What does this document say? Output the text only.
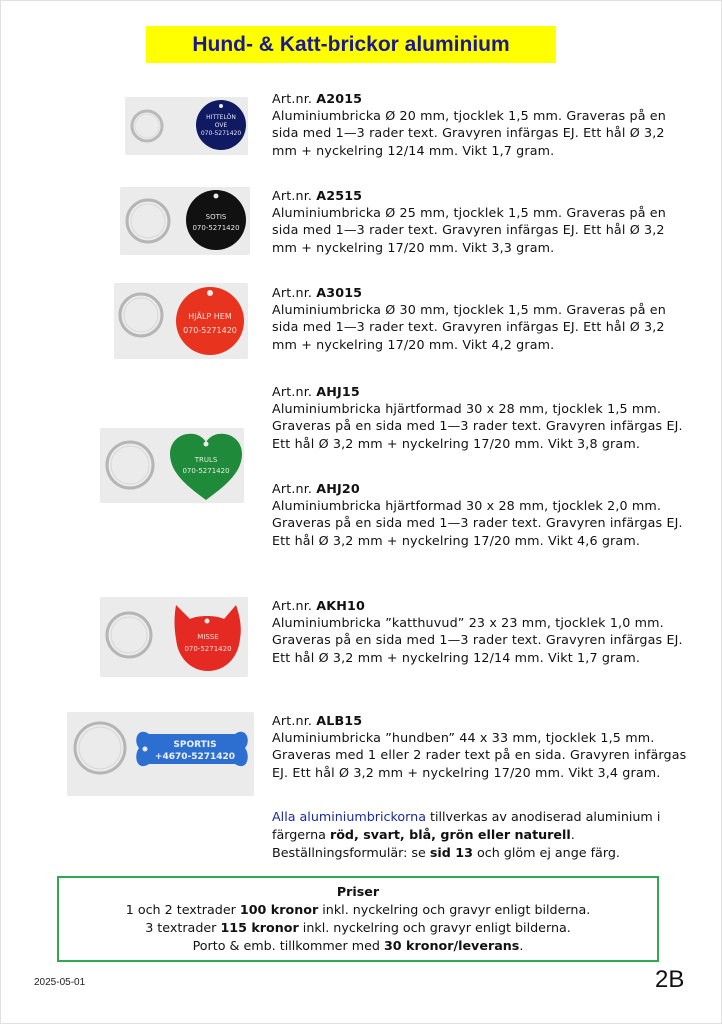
Hund- & Katt-brickor aluminium
HITTELÖN
OVE
070-5271420
Art.nr. A2015
Aluminiumbricka Ø 20 mm, tjocklek 1,5 mm. Graveras på en sida med 1—3 rader text. Gravyren infärgas EJ. Ett hål Ø 3,2 mm + nyckelring 12/14 mm. Vikt 1,7 gram.
SOTIS
070-5271420
Art.nr. A2515
Aluminiumbricka Ø 25 mm, tjocklek 1,5 mm. Graveras på en sida med 1—3 rader text. Gravyren infärgas EJ. Ett hål Ø 3,2 mm + nyckelring 17/20 mm. Vikt 3,3 gram.
HJÄLP HEM
070-5271420
Art.nr. A3015
Aluminiumbricka Ø 30 mm, tjocklek 1,5 mm. Graveras på en sida med 1—3 rader text. Gravyren infärgas EJ. Ett hål Ø 3,2 mm + nyckelring 17/20 mm. Vikt 4,2 gram.
TRULS
070-5271420
Art.nr. AHJ15
Aluminiumbricka hjärtformad 30 x 28 mm, tjocklek 1,5 mm. Graveras på en sida med 1—3 rader text. Gravyren infärgas EJ. Ett hål Ø 3,2 mm + nyckelring 17/20 mm. Vikt 3,8 gram.
Art.nr. AHJ20
Aluminiumbricka hjärtformad 30 x 28 mm, tjocklek 2,0 mm. Graveras på en sida med 1—3 rader text. Gravyren infärgas EJ. Ett hål Ø 3,2 mm + nyckelring 17/20 mm. Vikt 4,6 gram.
MISSE
070-5271420
Art.nr. AKH10
Aluminiumbricka ”katthuvud” 23 x 23 mm, tjocklek 1,0 mm. Graveras på en sida med 1—3 rader text. Gravyren infärgas EJ. Ett hål Ø 3,2 mm + nyckelring 12/14 mm. Vikt 1,7 gram.
SPORTIS
+4670-5271420
Art.nr. ALB15
Aluminiumbricka ”hundben” 44 x 33 mm, tjocklek 1,5 mm. Graveras med 1 eller 2 rader text på en sida. Gravyren infärgas EJ. Ett hål Ø 3,2 mm + nyckelring 17/20 mm. Vikt 3,4 gram.
Alla aluminiumbrickorna tillverkas av anodiserad aluminium i färgerna röd, svart, blå, grön eller naturell. Beställningsformulär: se sid 13 och glöm ej ange färg.
Priser
1 och 2 textrader 100 kronor inkl. nyckelring och gravyr enligt bilderna.
3 textrader 115 kronor inkl. nyckelring och gravyr enligt bilderna.
Porto & emb. tillkommer med 30 kronor/leverans.
2025-05-01	2B
